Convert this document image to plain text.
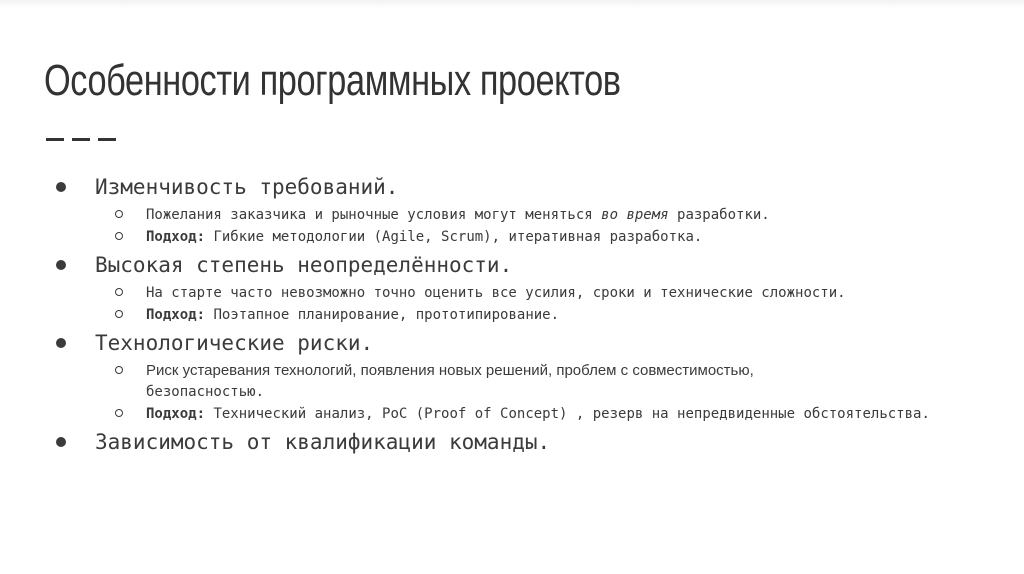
Особенности программных проектов
Изменчивость требований.
Пожелания заказчика и рыночные условия могут меняться во время разработки.
Подход: Гибкие методологии (Agile, Scrum), итеративная разработка.
Высокая степень неопределённости.
На старте часто невозможно точно оценить все усилия, сроки и технические сложности.
Подход: Поэтапное планирование, прототипирование.
Технологические риски.
Риск устаревания технологий, появления новых решений, проблем с совместимостью,
безопасностью.
Подход: Технический анализ, PoC (Proof of Concept) , резерв на непредвиденные обстоятельства.
Зависимость от квалификации команды.
